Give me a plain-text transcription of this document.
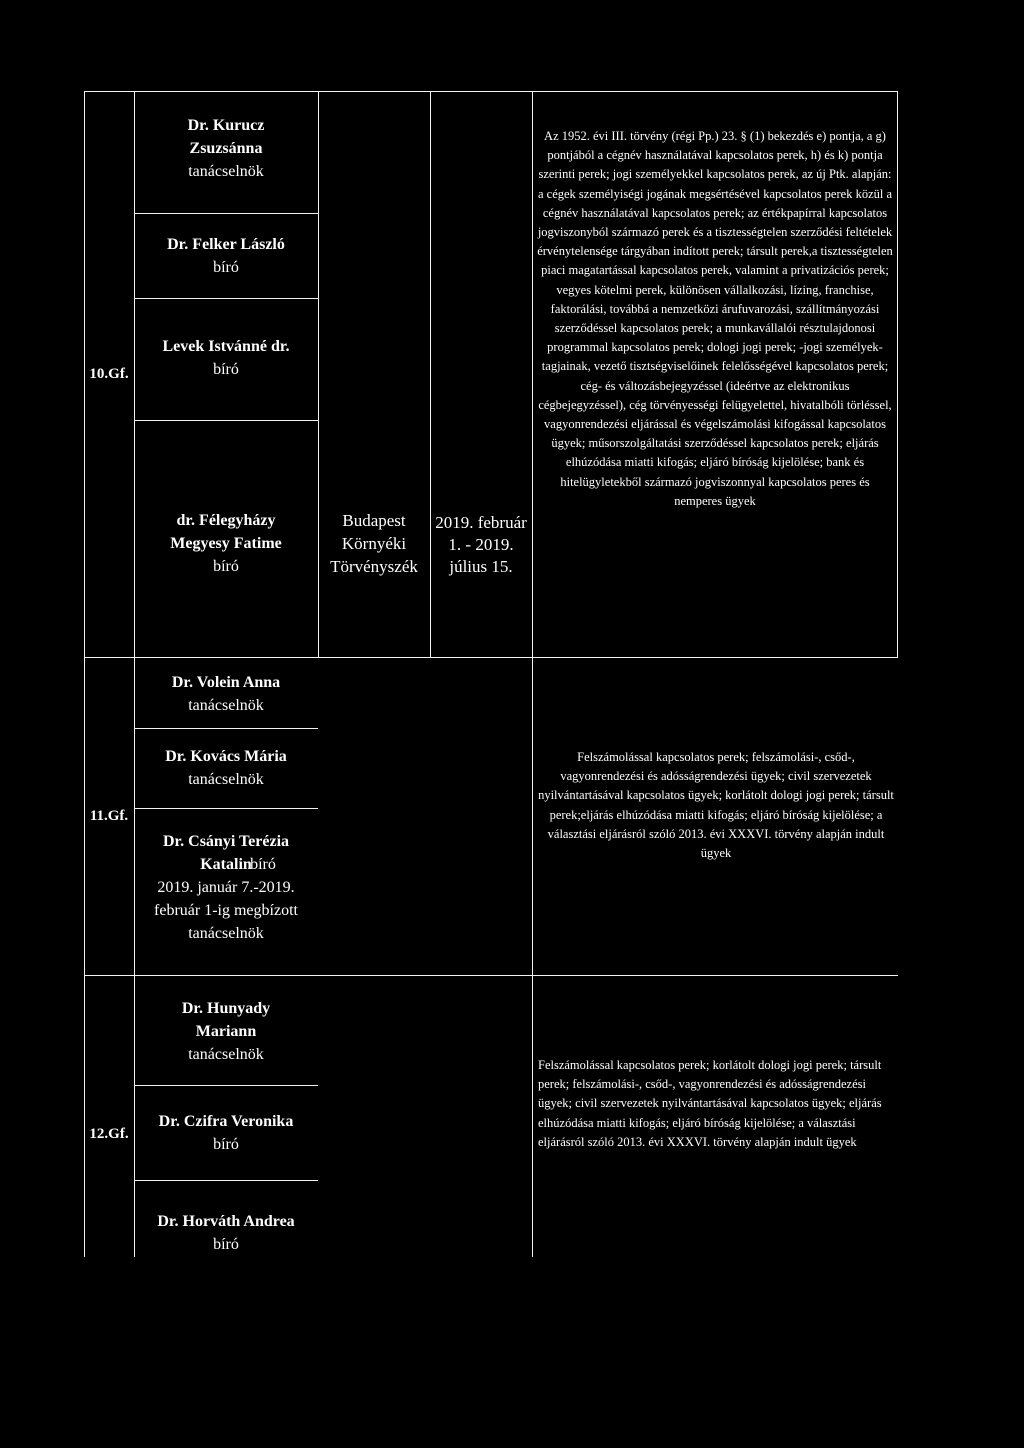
10.Gf.
Dr. Kurucz Zsuzsánna
tanácselnök
Dr. Felker László
bíró
Levek Istvánné dr.
bíró
dr. Félegyházy Megyesy Fatime
bíró
Budapest Környéki Törvényszék
2019. február 1. - 2019. július 15.
Az 1952. évi III. törvény (régi Pp.) 23. § (1) bekezdés e) pontja, a g) pontjából a cégnév használatával kapcsolatos perek, h) és k) pontja szerinti perek; jogi személyekkel kapcsolatos perek, az új Ptk. alapján: a cégek személyiségi jogának megsértésével kapcsolatos perek közül a cégnév használatával kapcsolatos perek; az értékpapírral kapcsolatos jogviszonyból származó perek és a tisztességtelen szerződési feltételek érvénytelensége tárgyában indított perek; társult perek,a tisztességtelen piaci magatartással kapcsolatos perek, valamint a privatizációs perek; vegyes kötelmi perek, különösen vállalkozási, lízing, franchise, faktorálási, továbbá a nemzetközi árufuvarozási, szállítmányozási szerződéssel kapcsolatos perek; a munkavállalói résztulajdonosi programmal kapcsolatos perek; dologi jogi perek; -jogi személyek- tagjainak, vezető tisztségviselőinek felelősségével kapcsolatos perek; cég- és változásbejegyzéssel (ideértve az elektronikus cégbejegyzéssel), cég törvényességi felügyelettel, hivatalbóli törléssel, vagyonrendezési eljárással és végelszámolási kifogással kapcsolatos ügyek; műsorszolgáltatási szerződéssel kapcsolatos perek; eljárás elhúzódása miatti kifogás; eljáró bíróság kijelölése; bank és hitelügyletekből származó jogviszonnyal kapcsolatos peres és nemperes ügyek
11.Gf.
Dr. Volein Anna
tanácselnök
Dr. Kovács Mária
tanácselnök
Dr. Csányi Terézia Katalin
bíró
2019. január 7.-2019. február 1-ig megbízott tanácselnök
Felszámolással kapcsolatos perek; felszámolási-, csőd-, vagyonrendezési és adósságrendezési ügyek; civil szervezetek nyilvántartásával kapcsolatos ügyek; korlátolt dologi jogi perek; társult perek;eljárás elhúzódása miatti kifogás; eljáró bíróság kijelölése; a választási eljárásról szóló 2013. évi XXXVI. törvény alapján indult ügyek
12.Gf.
Dr. Hunyady Mariann
tanácselnök
Dr. Czifra Veronika
bíró
Dr. Horváth Andrea
bíró
Felszámolással kapcsolatos perek; korlátolt dologi jogi perek; társult perek; felszámolási-, csőd-, vagyonrendezési és adósságrendezési ügyek; civil szervezetek nyilvántartásával kapcsolatos ügyek; eljárás elhúzódása miatti kifogás; eljáró bíróság kijelölése; a választási eljárásról szóló 2013. évi XXXVI. törvény alapján indult ügyek
